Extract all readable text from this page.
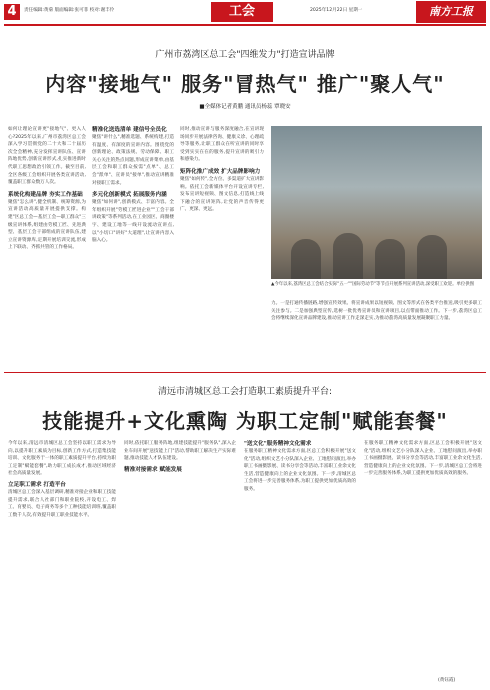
4	责任编辑:黄菊 版面编辑:张可菲 校对:谢丰伶	工会	2025年12月22日 星期一	南方工报
广州市荔湾区总工会"四维发力"打造宣讲品牌
内容"接地气" 服务"冒热气" 推广"聚人气"
■全媒体记者黄鹏 通讯员杨蕊 覃晓安
如何让理论宣讲更"接地气"、更入人心?2025年以来,广州市荔湾区总工会深入学习贯彻党的二十大和二十届历次全会精神,充分发挥宣讲队伍、宣讲阵地优势,创新宣讲形式,扎实推进新时代职工思想政治引领工作。截至目前,全区各级工会组织开展各类宣讲活动,覆盖职工群众数万人次。
系统化构建品牌 夯实工作基础
聚焦"怎么讲",健全机制、统筹资源,为宣讲活动高质量开展提供支撑。构建"区总工会—基层工会—职工群众"三级宣讲体系,组建由劳模工匠、先进典型、基层工会干部组成的宣讲队伍,建立宣讲资源库,定期开展培训交流,形成上下联动、齐抓共管的工作格局。
精准化送选清单 建信号全员化
聚焦"讲什么",精准选题、系统构建,打造有温度、有深度的宣讲内容。围绕党的创新理论、政策法规、劳动保障、职工关心关注的热点问题,形成宣讲菜单,由基层工会和职工群众按需"点单"、总工会"派单"、宣讲员"接单",推动宣讲精准对接职工需求。
多元化创新模式 拓展服务内涵
聚焦"如何讲",创新模式、丰富内容。全年组织开展"劳模工匠进企业""工会干部讲政策"等系列活动,在工业园区、商圈楼宇、建设工地等一线开设流动宣讲点,以"小切口"讲好"大道理",让宣讲内容入脑入心。
同时,推动宣讲与服务深度融合,在宣讲现场同步开展法律咨询、健康义诊、心理疏导等服务,让职工群众在听宣讲的同时享受到实实在在的服务,提升宣讲的吸引力和感染力。
矩阵化推广成效 扩大品牌影响力
聚焦"如何传",全方位、多渠道扩大宣讲影响。依托工会新媒体平台开设宣讲专栏,发布宣讲短视频、图文信息,打造线上线下融合的宣讲矩阵,让党的声音传得更广、更深、更远。
▲今年以来,荔湾区总工会结合实际"五一""国际劳动节"等节点开展系列宣讲活动,深受职工欢迎。单位供图
力。一是打通传播链路,增强宣传效果。将宣讲成果以短视频、图文等形式在各类平台推送,吸引更多职工关注参与。二是加强典型宣传,选树一批优秀宣讲员和宣讲项目,以点带面推动工作。下一步,荔湾区总工会将继续深化宣讲品牌建设,推动宣讲工作走深走实,为推动荔湾高质量发展凝聚职工力量。
清远市清城区总工会打造职工素质提升平台:
技能提升+文化熏陶 为职工定制"赋能套餐"
今年以来,清远市清城区总工会坚持以职工需求为导向,以提升职工素质为目标,创新工作方式,打造集技能培训、文化服务于一体的职工素质提升平台,持续为职工定制"赋能套餐",助力职工成长成才,推动区域经济社会高质量发展。
立足职工需求 打造平台
清城区总工会深入基层调研,精准对接企业和职工技能提升需求,联合人社部门和职业院校,开设电工、焊工、育婴员、电子商务等多个工种技能培训班,覆盖职工数千人次,有效提升职工职业技能水平。
同时,依托职工服务阵地,组建技能提升"服务队",深入企业车间开展"送技能上门"活动,帮助职工解决生产实际难题,推动技能人才队伍建设。
精准对接需求 赋能发展
"送文化"服务精神文化需求
在服务职工精神文化需求方面,区总工会积极开展"送文化"活动,组织文艺小分队深入企业、工地慰问演出,举办职工书画摄影展、读书分享会等活动,丰富职工业余文化生活,营造健康向上的企业文化氛围。下一步,清城区总工会将进一步完善服务体系,为职工提供更加优质高效的服务。
在服务职工精神文化需求方面,区总工会积极开展"送文化"活动,组织文艺小分队深入企业、工地慰问演出,举办职工书画摄影展、读书分享会等活动,丰富职工业余文化生活,营造健康向上的企业文化氛围。下一步,清城区总工会将进一步完善服务体系,为职工提供更加优质高效的服务。
(黄钰霞)
